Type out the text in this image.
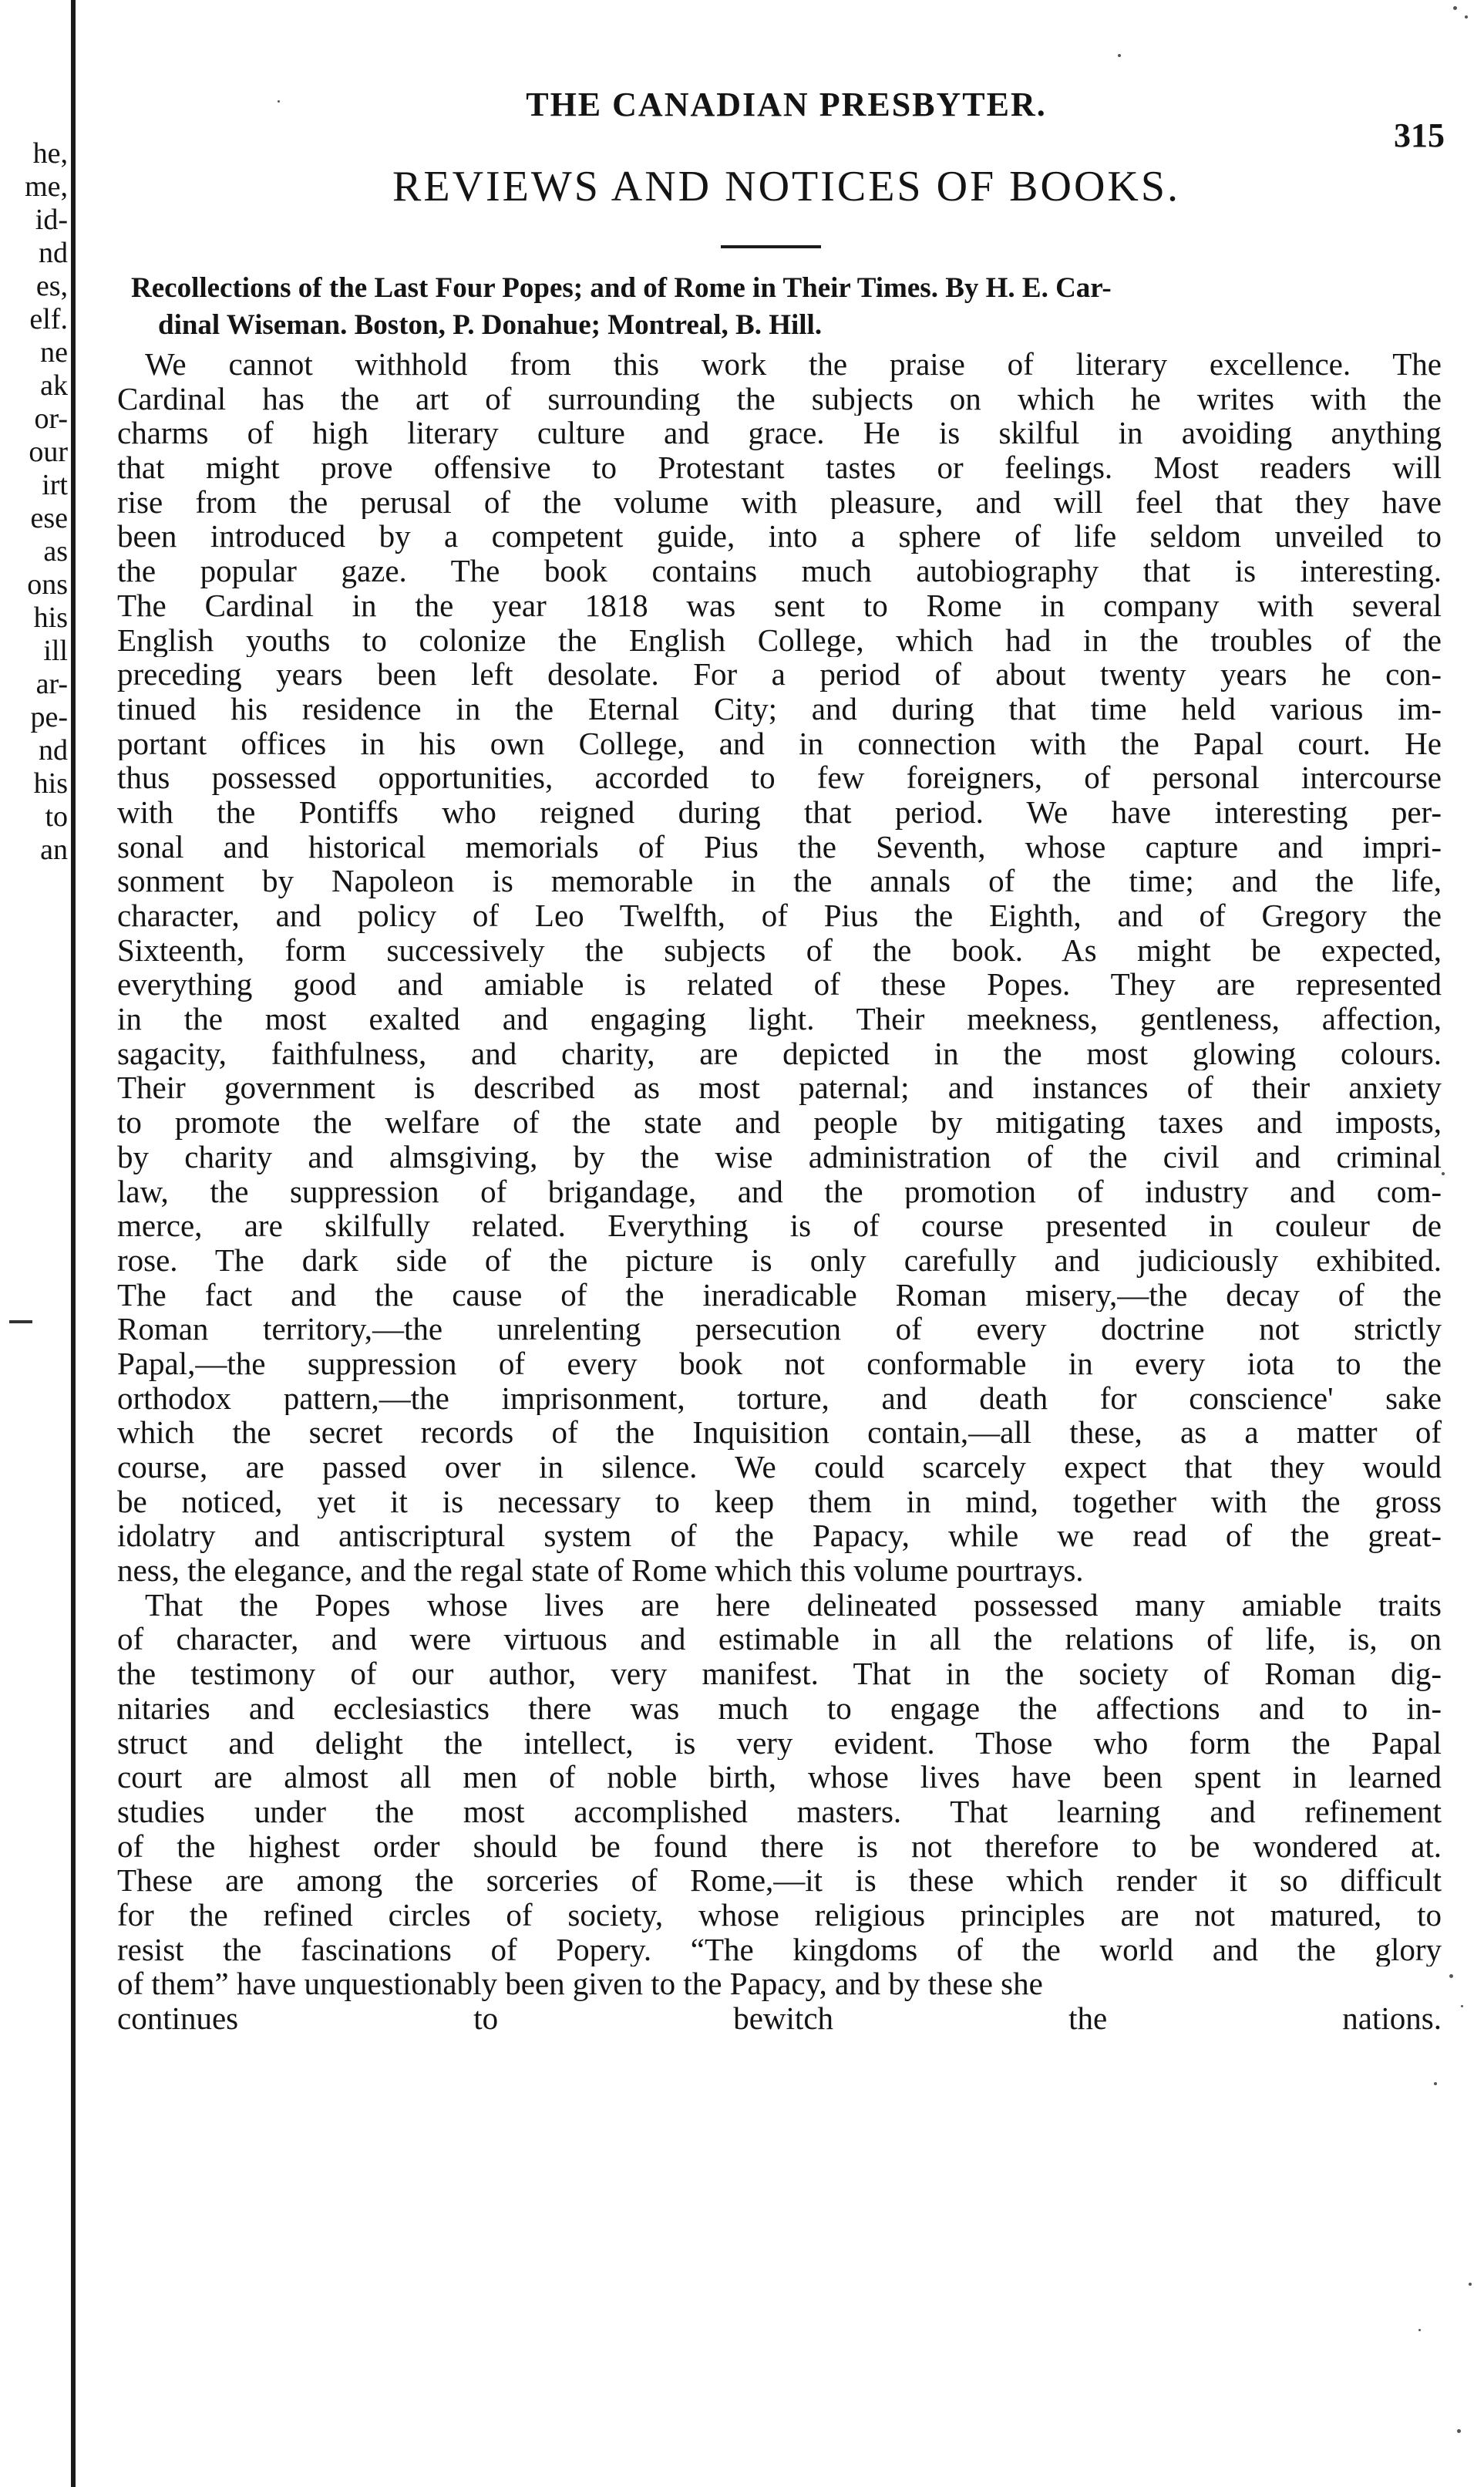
he,
me,
id-
nd
es,
elf.
ne
ak
or-
our
irt
ese
as
ons
his
ill
ar-
pe-
nd
his
to
an
THE CANADIAN PRESBYTER.
315
REVIEWS AND NOTICES OF BOOKS.
Recollections of the Last Four Popes; and of Rome in Their Times. By H. E. Car-
dinal Wiseman. Boston, P. Donahue; Montreal, B. Hill.
We cannot withhold from this work the praise of literary excellence. The
Cardinal has the art of surrounding the subjects on which he writes with the
charms of high literary culture and grace. He is skilful in avoiding anything
that might prove offensive to Protestant tastes or feelings. Most readers will
rise from the perusal of the volume with pleasure, and will feel that they have
been introduced by a competent guide, into a sphere of life seldom unveiled to
the popular gaze. The book contains much autobiography that is interesting.
The Cardinal in the year 1818 was sent to Rome in company with several
English youths to colonize the English College, which had in the troubles of the
preceding years been left desolate. For a period of about twenty years he con-
tinued his residence in the Eternal City; and during that time held various im-
portant offices in his own College, and in connection with the Papal court. He
thus possessed opportunities, accorded to few foreigners, of personal intercourse
with the Pontiffs who reigned during that period. We have interesting per-
sonal and historical memorials of Pius the Seventh, whose capture and impri-
sonment by Napoleon is memorable in the annals of the time; and the life,
character, and policy of Leo Twelfth, of Pius the Eighth, and of Gregory the
Sixteenth, form successively the subjects of the book. As might be expected,
everything good and amiable is related of these Popes. They are represented
in the most exalted and engaging light. Their meekness, gentleness, affection,
sagacity, faithfulness, and charity, are depicted in the most glowing colours.
Their government is described as most paternal; and instances of their anxiety
to promote the welfare of the state and people by mitigating taxes and imposts,
by charity and almsgiving, by the wise administration of the civil and criminal
law, the suppression of brigandage, and the promotion of industry and com-
merce, are skilfully related. Everything is of course presented in couleur de
rose. The dark side of the picture is only carefully and judiciously exhibited.
The fact and the cause of the ineradicable Roman misery,—the decay of the
Roman territory,—the unrelenting persecution of every doctrine not strictly
Papal,—the suppression of every book not conformable in every iota to the
orthodox pattern,—the imprisonment, torture, and death for conscience' sake
which the secret records of the Inquisition contain,—all these, as a matter of
course, are passed over in silence. We could scarcely expect that they would
be noticed, yet it is necessary to keep them in mind, together with the gross
idolatry and antiscriptural system of the Papacy, while we read of the great-
ness, the elegance, and the regal state of Rome which this volume pourtrays.
That the Popes whose lives are here delineated possessed many amiable traits
of character, and were virtuous and estimable in all the relations of life, is, on
the testimony of our author, very manifest. That in the society of Roman dig-
nitaries and ecclesiastics there was much to engage the affections and to in-
struct and delight the intellect, is very evident. Those who form the Papal
court are almost all men of noble birth, whose lives have been spent in learned
studies under the most accomplished masters. That learning and refinement
of the highest order should be found there is not therefore to be wondered at.
These are among the sorceries of Rome,—it is these which render it so difficult
for the refined circles of society, whose religious principles are not matured, to
resist the fascinations of Popery. “The kingdoms of the world and the glory
of them” have unquestionably been given to the Papacy, and by these she
continues to bewitch the nations.
